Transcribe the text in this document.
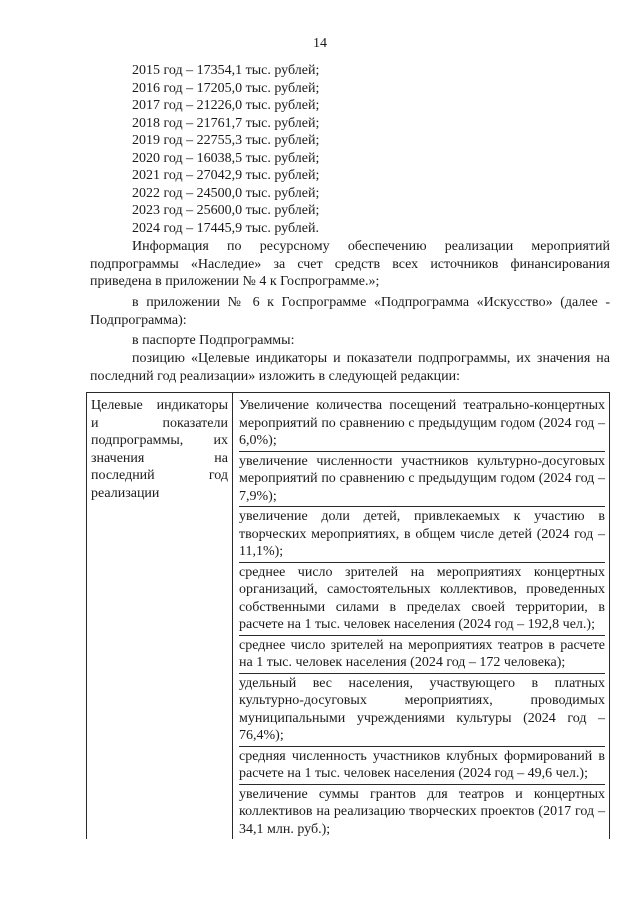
14
2015 год – 17354,1 тыс. рублей;
2016 год – 17205,0 тыс. рублей;
2017 год – 21226,0 тыс. рублей;
2018 год – 21761,7 тыс. рублей;
2019 год – 22755,3 тыс. рублей;
2020 год – 16038,5 тыс. рублей;
2021 год – 27042,9 тыс. рублей;
2022 год – 24500,0 тыс. рублей;
2023 год – 25600,0 тыс. рублей;
2024 год – 17445,9 тыс. рублей.
Информация по ресурсному обеспечению реализации мероприятий подпрограммы «Наследие» за счет средств всех источников финансирования приведена в приложении № 4 к Госпрограмме.»;
в приложении № 6 к Госпрограмме «Подпрограмма «Искусство» (далее - Подпрограмма):
в паспорте Подпрограммы:
позицию «Целевые индикаторы и показатели подпрограммы, их значения на последний год реализации» изложить в следующей редакции:
Целевые индикаторы и показатели подпрограммы, их значения на последний год реализации

Увеличение количества посещений театрально-концертных мероприятий по сравнению с предыдущим годом (2024 год – 6,0%);

увеличение численности участников культурно-досуговых мероприятий по сравнению с предыдущим годом (2024 год – 7,9%);

увеличение доли детей, привлекаемых к участию в творческих мероприятиях, в общем числе детей (2024 год – 11,1%);

среднее число зрителей на мероприятиях концертных организаций, самостоятельных коллективов, проведенных собственными силами в пределах своей территории, в расчете на 1 тыс. человек населения (2024 год – 192,8 чел.);

среднее число зрителей на мероприятиях театров в расчете на 1 тыс. человек населения (2024 год – 172 человека);

удельный вес населения, участвующего в платных культурно-досуговых мероприятиях, проводимых муниципальными учреждениями культуры (2024 год – 76,4%);

средняя численность участников клубных формирований в расчете на 1 тыс. человек населения (2024 год – 49,6 чел.);

увеличение суммы грантов для театров и концертных коллективов на реализацию творческих проектов (2017 год – 34,1 млн. руб.);
